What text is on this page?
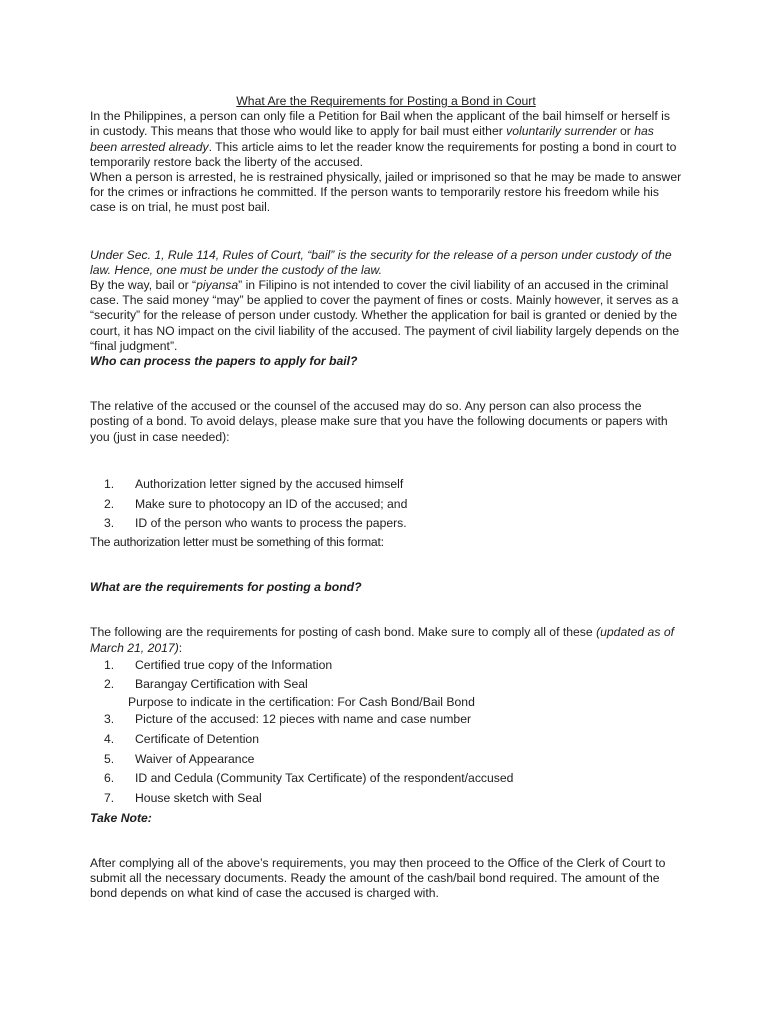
What Are the Requirements for Posting a Bond in Court

In the Philippines, a person can only file a Petition for Bail when the applicant of the bail himself or herself is in custody. This means that those who would like to apply for bail must either voluntarily surrender or has been arrested already. This article aims to let the reader know the requirements for posting a bond in court to temporarily restore back the liberty of the accused.

When a person is arrested, he is restrained physically, jailed or imprisoned so that he may be made to answer for the crimes or infractions he committed. If the person wants to temporarily restore his freedom while his case is on trial, he must post bail.

Under Sec. 1, Rule 114, Rules of Court, “bail” is the security for the release of a person under custody of the law. Hence, one must be under the custody of the law.

By the way, bail or “piyansa” in Filipino is not intended to cover the civil liability of an accused in the criminal case. The said money “may” be applied to cover the payment of fines or costs. Mainly however, it serves as a “security” for the release of person under custody. Whether the application for bail is granted or denied by the court, it has NO impact on the civil liability of the accused. The payment of civil liability largely depends on the “final judgment”.

Who can process the papers to apply for bail?

The relative of the accused or the counsel of the accused may do so. Any person can also process the posting of a bond. To avoid delays, please make sure that you have the following documents or papers with you (just in case needed):

1. Authorization letter signed by the accused himself
2. Make sure to photocopy an ID of the accused; and
3. ID of the person who wants to process the papers.

The authorization letter must be something of this format:

What are the requirements for posting a bond?

The following are the requirements for posting of cash bond. Make sure to comply all of these (updated as of March 21, 2017):

1. Certified true copy of the Information
2. Barangay Certification with Seal

Purpose to indicate in the certification: For Cash Bond/Bail Bond

3. Picture of the accused: 12 pieces with name and case number
4. Certificate of Detention
5. Waiver of Appearance
6. ID and Cedula (Community Tax Certificate) of the respondent/accused
7. House sketch with Seal

Take Note:

After complying all of the above’s requirements, you may then proceed to the Office of the Clerk of Court to submit all the necessary documents. Ready the amount of the cash/bail bond required. The amount of the bond depends on what kind of case the accused is charged with.
